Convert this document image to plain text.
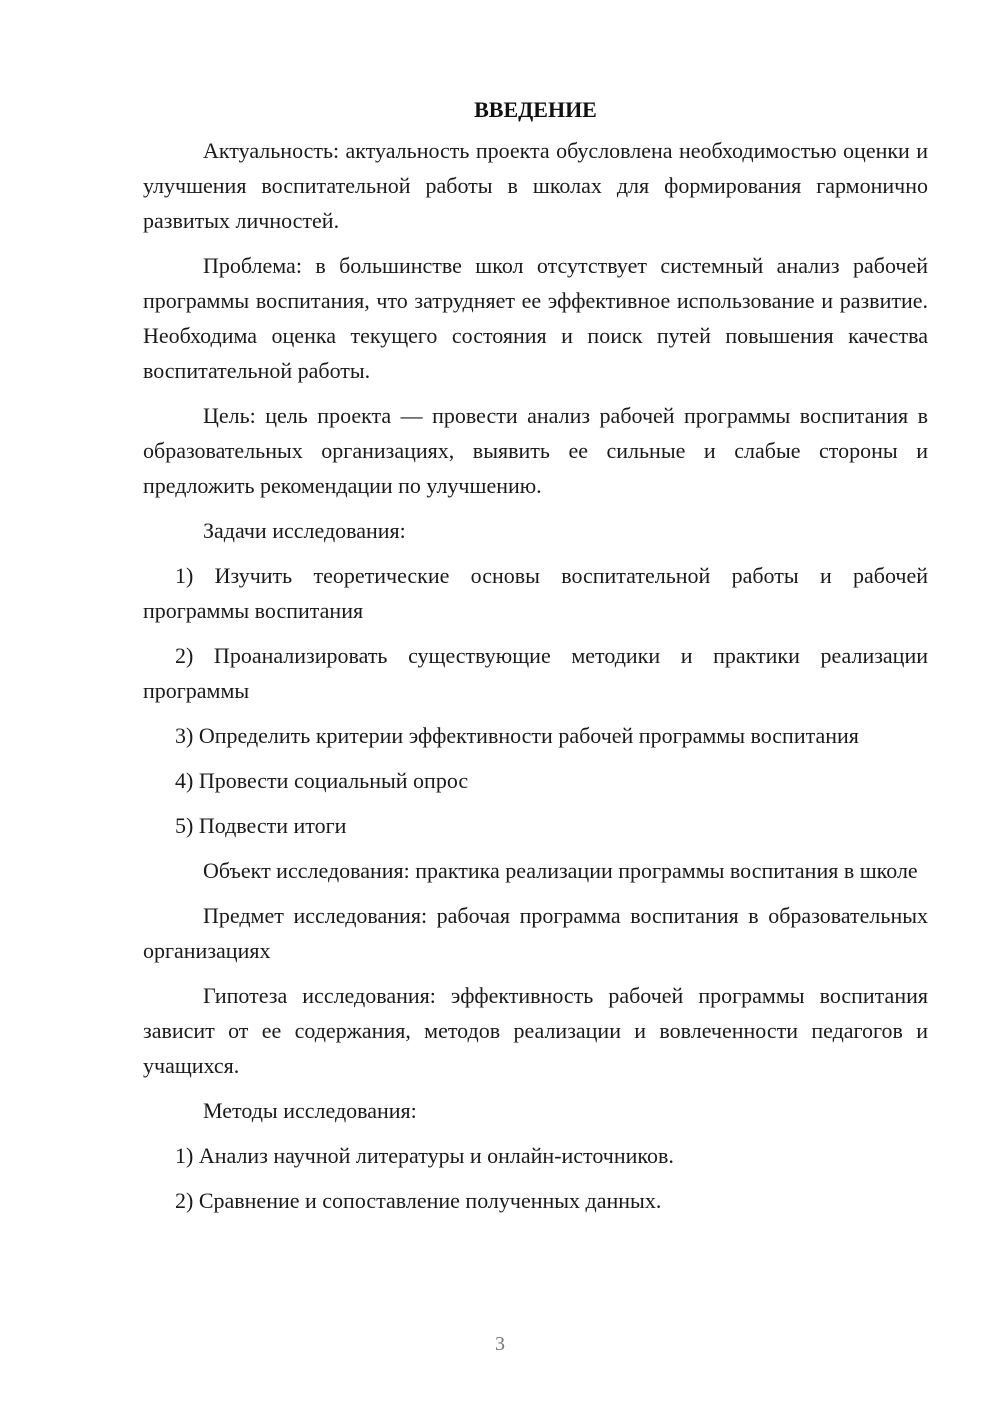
ВВЕДЕНИЕ

Актуальность: актуальность проекта обусловлена необходимостью оценки и улучшения воспитательной работы в школах для формирования гармонично развитых личностей.

Проблема: в большинстве школ отсутствует системный анализ рабочей программы воспитания, что затрудняет ее эффективное использование и развитие. Необходима оценка текущего состояния и поиск путей повышения качества воспитательной работы.

Цель: цель проекта — провести анализ рабочей программы воспитания в образовательных организациях, выявить ее сильные и слабые стороны и предложить рекомендации по улучшению.

Задачи исследования:

1) Изучить теоретические основы воспитательной работы и рабочей программы воспитания

2) Проанализировать существующие методики и практики реализации программы

3) Определить критерии эффективности рабочей программы воспитания

4) Провести социальный опрос

5) Подвести итоги

Объект исследования: практика реализации программы воспитания в школе

Предмет исследования: рабочая программа воспитания в образовательных организациях

Гипотеза исследования: эффективность рабочей программы воспитания зависит от ее содержания, методов реализации и вовлеченности педагогов и учащихся.

Методы исследования:

1) Анализ научной литературы и онлайн-источников.

2) Сравнение и сопоставление полученных данных.

3
